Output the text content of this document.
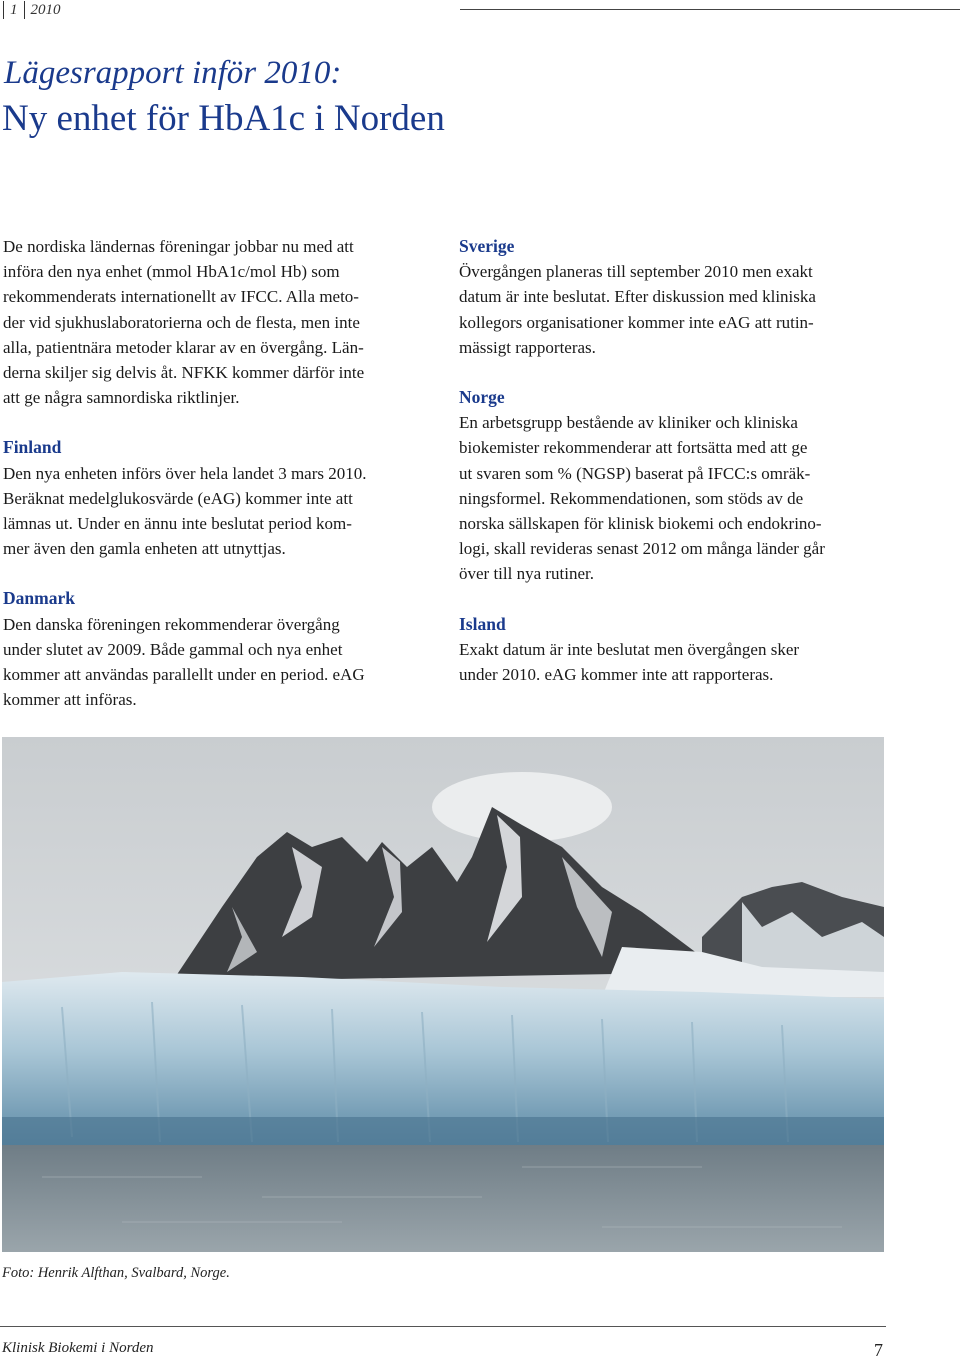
1 2010
Lägesrapport inför 2010:
Ny enhet för HbA1c i Norden

De nordiska ländernas föreningar jobbar nu med att
införa den nya enhet (mmol HbA1c/mol Hb) som
rekommenderats internationellt av IFCC. Alla meto-
der vid sjukhuslaboratorierna och de flesta, men inte
alla, patientnära metoder klarar av en övergång. Län-
derna skiljer sig delvis åt. NFKK kommer därför inte
att ge några samnordiska riktlinjer.

Finland

Den nya enheten införs över hela landet 3 mars 2010.
Beräknat medelglukosvärde (eAG) kommer inte att
lämnas ut. Under en ännu inte beslutat period kom-
mer även den gamla enheten att utnyttjas.

Danmark

Den danska föreningen rekommenderar övergång
under slutet av 2009. Både gammal och nya enhet
kommer att användas parallellt under en period. eAG
kommer att införas.

Sverige

Övergången planeras till september 2010 men exakt
datum är inte beslutat. Efter diskussion med kliniska
kollegors organisationer kommer inte eAG att rutin-
mässigt rapporteras.

Norge

En arbetsgrupp bestående av kliniker och kliniska
biokemister rekommenderar att fortsätta med att ge
ut svaren som % (NGSP) baserat på IFCC:s omräk-
ningsformel. Rekommendationen, som stöds av de
norska sällskapen för klinisk biokemi och endokrino-
logi, skall revideras senast 2012 om många länder går
över till nya rutiner.

Island

Exakt datum är inte beslutat men övergången sker
under 2010. eAG kommer inte att rapporteras.

Foto: Henrik Alfthan, Svalbard, Norge.
Klinisk Biokemi i Norden	7
